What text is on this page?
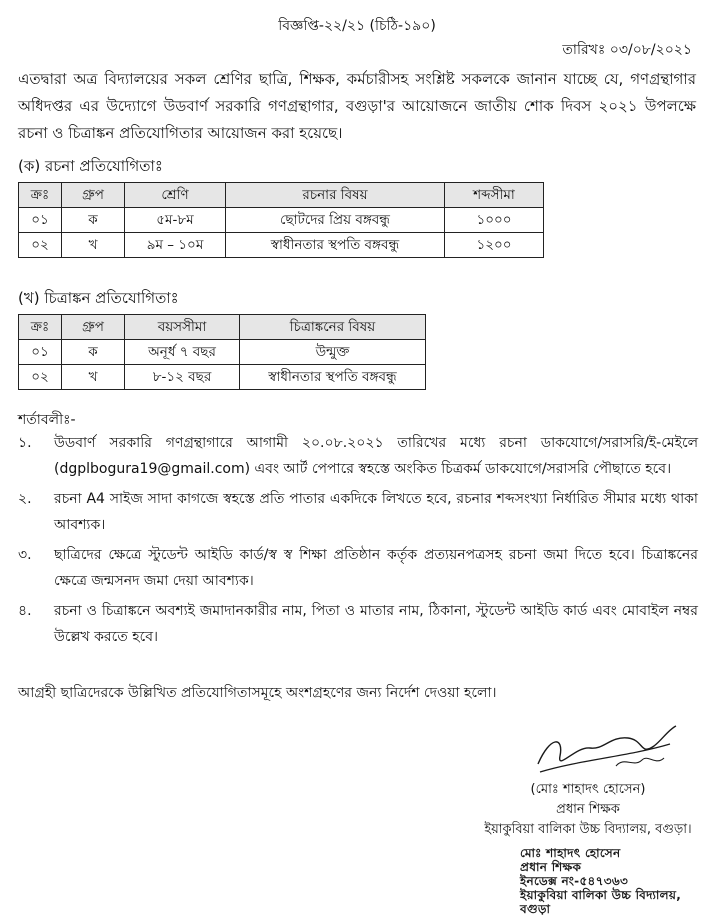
বিজ্ঞপ্তি-২২/২১ (চিঠি-১৯০)
তারিখঃ ০৩/০৮/২০২১
এতদ্বারা অত্র বিদ্যালয়ের সকল শ্রেণির ছাত্রি, শিক্ষক, কর্মচারীসহ সংশ্লিষ্ট সকলকে জানান যাচ্ছে যে, গণগ্রন্থাগার অধিদপ্তর এর উদ্যোগে উডবার্ণ সরকারি গণগ্রন্থাগার, বগুড়া'র আয়োজনে জাতীয় শোক দিবস ২০২১ উপলক্ষে রচনা ও চিত্রাঙ্কন প্রতিযোগিতার আয়োজন করা হয়েছে।
(ক) রচনা প্রতিযোগিতাঃ
ক্রঃ	গ্রুপ	শ্রেণি	রচনার বিষয়	শব্দসীমা
০১	ক	৫ম-৮ম	ছোটদের প্রিয় বঙ্গবন্ধু	১০০০
০২	খ	৯ম – ১০ম	স্বাধীনতার স্থপতি বঙ্গবন্ধু	১২০০
(খ) চিত্রাঙ্কন প্রতিযোগিতাঃ
ক্রঃ	গ্রুপ	বয়সসীমা	চিত্রাঙ্কনের বিষয়
০১	ক	অনূর্ধ ৭ বছর	উন্মুক্ত
০২	খ	৮-১২ বছর	স্বাধীনতার স্থপতি বঙ্গবন্ধু
শর্তাবলীঃ-
১. উডবার্ণ সরকারি গণগ্রন্থাগারে আগামী ২০.০৮.২০২১ তারিখের মধ্যে রচনা ডাকযোগে/সরাসরি/ই-মেইলে (dgplbogura19@gmail.com) এবং আর্ট পেপারে স্বহস্তে অংকিত চিত্রকর্ম ডাকযোগে/সরাসরি পৌছাতে হবে।
২. রচনা A4 সাইজ সাদা কাগজে স্বহস্তে প্রতি পাতার একদিকে লিখতে হবে, রচনার শব্দসংখ্যা নির্ধারিত সীমার মধ্যে থাকা আবশ্যক।
৩. ছাত্রিদের ক্ষেত্রে স্টুডেন্ট আইডি কার্ড/স্ব স্ব শিক্ষা প্রতিষ্ঠান কর্তৃক প্রত্যয়নপত্রসহ রচনা জমা দিতে হবে। চিত্রাঙ্কনের ক্ষেত্রে জন্মসনদ জমা দেয়া আবশ্যক।
৪. রচনা ও চিত্রাঙ্কনে অবশ্যই জমাদানকারীর নাম, পিতা ও মাতার নাম, ঠিকানা, স্টুডেন্ট আইডি কার্ড এবং মোবাইল নম্বর উল্লেখ করতে হবে।
আগ্রহী ছাত্রিদেরকে উল্লিখিত প্রতিযোগিতাসমূহে অংশগ্রহণের জন্য নির্দেশ দেওয়া হলো।
(মোঃ শাহাদৎ হোসেন)
প্রধান শিক্ষক
ইয়াকুবিয়া বালিকা উচ্চ বিদ্যালয়, বগুড়া।
মোঃ শাহাদৎ হোসেন
প্রধান শিক্ষক
ইনডেক্স নং-৫৪৭৩৬৩
ইয়াকুবিয়া বালিকা উচ্চ বিদ্যালয়, বগুড়া
